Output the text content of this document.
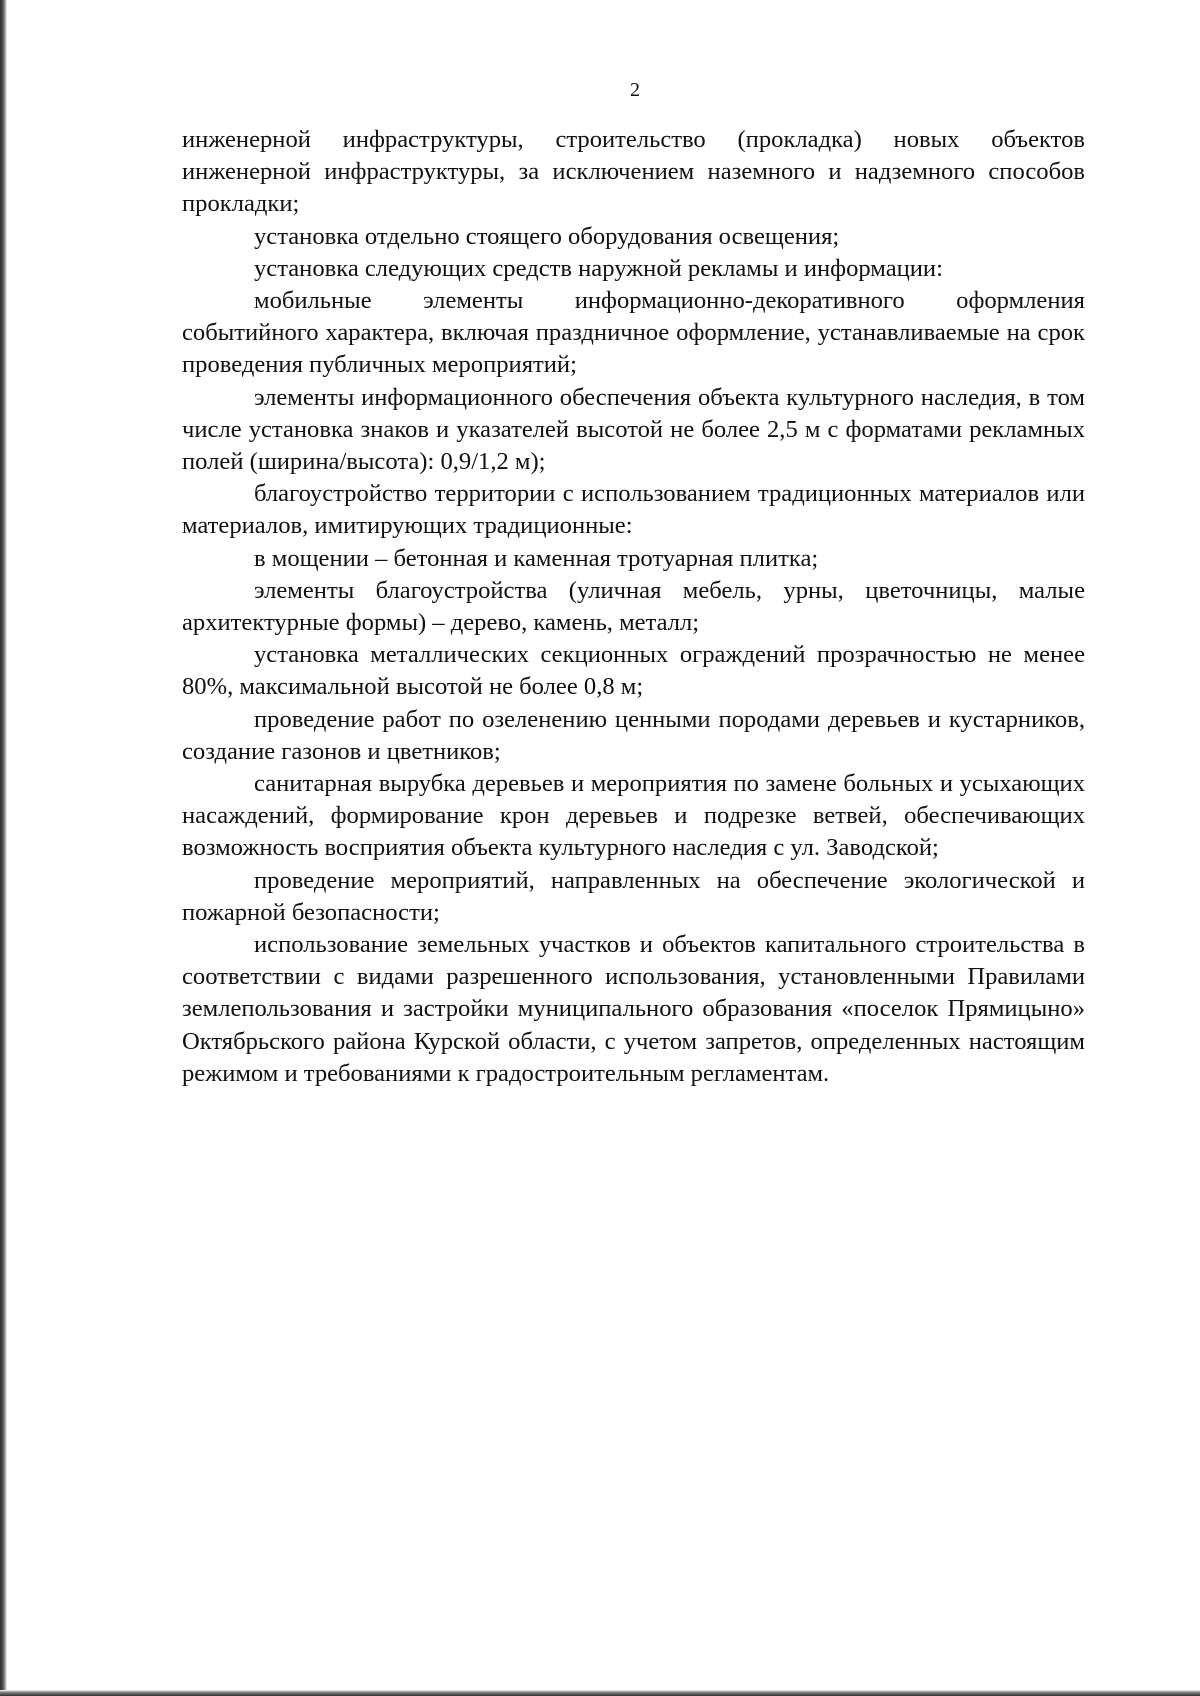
2

инженерной инфраструктуры, строительство (прокладка) новых объектов инженерной инфраструктуры, за исключением наземного и надземного способов прокладки;

установка отдельно стоящего оборудования освещения;

установка следующих средств наружной рекламы и информации:

мобильные элементы информационно-декоративного оформления событийного характера, включая праздничное оформление, устанавливаемые на срок проведения публичных мероприятий;

элементы информационного обеспечения объекта культурного наследия, в том числе установка знаков и указателей высотой не более 2,5 м с форматами рекламных полей (ширина/высота): 0,9/1,2 м);

благоустройство территории с использованием традиционных материалов или материалов, имитирующих традиционные:

в мощении – бетонная и каменная тротуарная плитка;

элементы благоустройства (уличная мебель, урны, цветочницы, малые архитектурные формы) – дерево, камень, металл;

установка металлических секционных ограждений прозрачностью не менее 80%, максимальной высотой не более 0,8 м;

проведение работ по озеленению ценными породами деревьев и кустарников, создание газонов и цветников;

санитарная вырубка деревьев и мероприятия по замене больных и усыхающих насаждений, формирование крон деревьев и подрезке ветвей, обеспечивающих возможность восприятия объекта культурного наследия с ул. Заводской;

проведение мероприятий, направленных на обеспечение экологической и пожарной безопасности;

использование земельных участков и объектов капитального строительства в соответствии с видами разрешенного использования, установленными Правилами землепользования и застройки муниципального образования «поселок Прямицыно» Октябрьского района Курской области, с учетом запретов, определенных настоящим режимом и требованиями к градостроительным регламентам.
